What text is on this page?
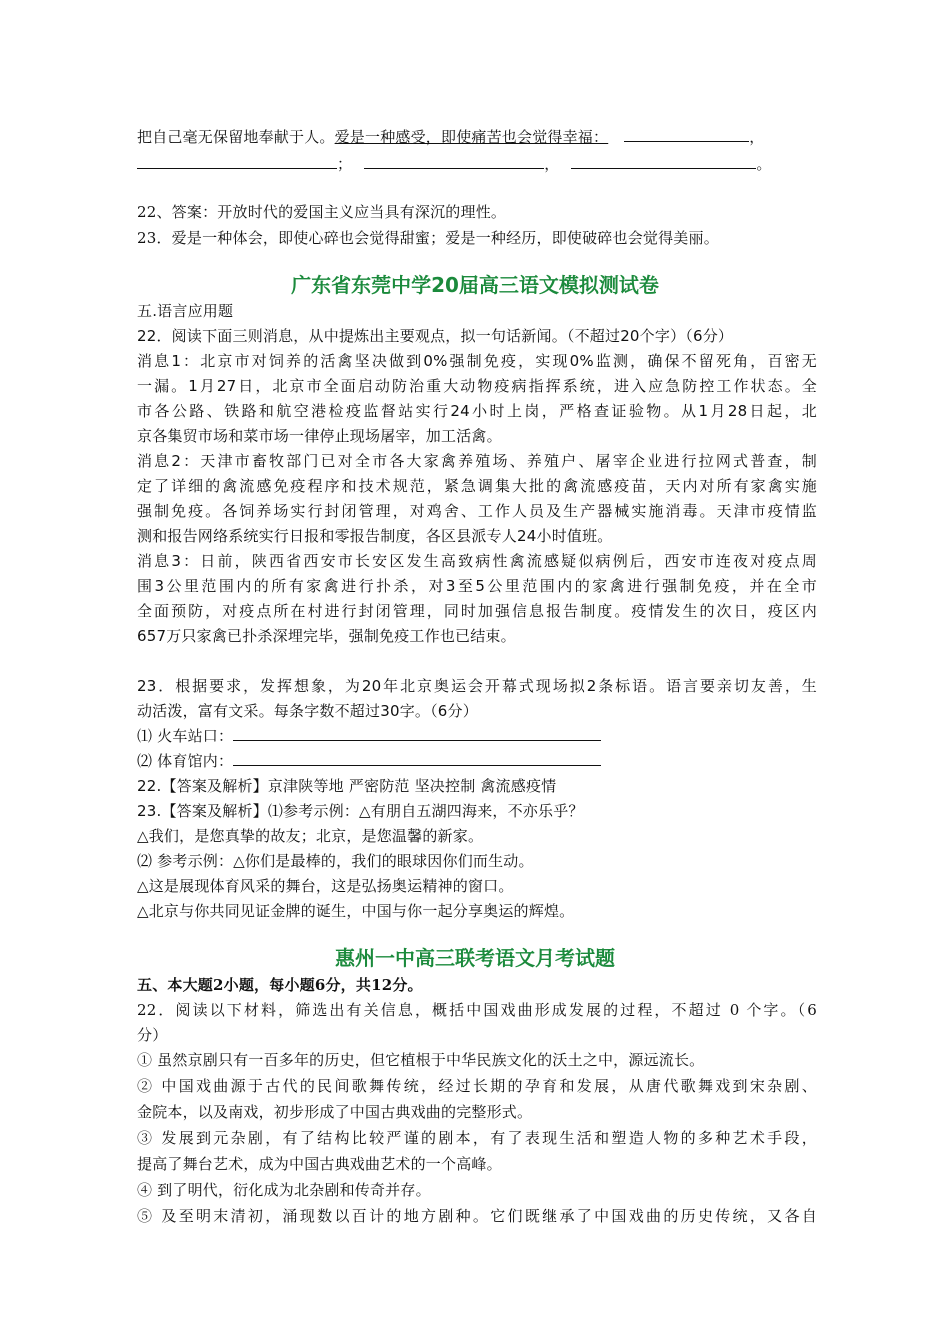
把自己毫无保留地奉献于人。爱是一种感受，即使痛苦也会觉得幸福：	，
；	，	。
22、答案：开放时代的爱国主义应当具有深沉的理性。
23．爱是一种体会，即使心碎也会觉得甜蜜；爱是一种经历，即使破碎也会觉得美丽。
广东省东莞中学20届高三语文模拟测试卷
五.语言应用题
22．阅读下面三则消息，从中提炼出主要观点，拟一句话新闻。（不超过20个字）（6分）
消息1：北京市对饲养的活禽坚决做到0%强制免疫，实现0%监测，确保不留死角，百密无
一漏。1月27日，北京市全面启动防治重大动物疫病指挥系统，进入应急防控工作状态。全
市各公路、铁路和航空港检疫监督站实行24小时上岗，严格查证验物。从1月28日起，北
京各集贸市场和菜市场一律停止现场屠宰，加工活禽。
消息2：天津市畜牧部门已对全市各大家禽养殖场、养殖户、屠宰企业进行拉网式普查，制
定了详细的禽流感免疫程序和技术规范，紧急调集大批的禽流感疫苗，天内对所有家禽实施
强制免疫。各饲养场实行封闭管理，对鸡舍、工作人员及生产器械实施消毒。天津市疫情监
测和报告网络系统实行日报和零报告制度，各区县派专人24小时值班。
消息3：日前，陕西省西安市长安区发生高致病性禽流感疑似病例后，西安市连夜对疫点周
围3公里范围内的所有家禽进行扑杀，对3至5公里范围内的家禽进行强制免疫，并在全市
全面预防，对疫点所在村进行封闭管理，同时加强信息报告制度。疫情发生的次日，疫区内
657万只家禽已扑杀深埋完毕，强制免疫工作也已结束。
23．根据要求，发挥想象，为20年北京奥运会开幕式现场拟2条标语。语言要亲切友善，生
动活泼，富有文采。每条字数不超过30字。（6分）
⑴ 火车站口：
⑵ 体育馆内：
22.【答案及解析】京津陕等地 严密防范 坚决控制 禽流感疫情
23.【答案及解析】⑴参考示例：△有朋自五湖四海来，不亦乐乎？
△我们，是您真挚的故友；北京，是您温馨的新家。
⑵ 参考示例：△你们是最棒的，我们的眼球因你们而生动。
△这是展现体育风采的舞台，这是弘扬奥运精神的窗口。
△北京与你共同见证金牌的诞生，中国与你一起分享奥运的辉煌。
惠州一中高三联考语文月考试题
五、本大题2小题，每小题6分，共12分。
22．阅读以下材料，筛选出有关信息，概括中国戏曲形成发展的过程，不超过 0 个字。（6
分）
① 虽然京剧只有一百多年的历史，但它植根于中华民族文化的沃土之中，源远流长。
② 中国戏曲源于古代的民间歌舞传统，经过长期的孕育和发展，从唐代歌舞戏到宋杂剧、
金院本，以及南戏，初步形成了中国古典戏曲的完整形式。
③ 发展到元杂剧，有了结构比较严谨的剧本，有了表现生活和塑造人物的多种艺术手段，
提高了舞台艺术，成为中国古典戏曲艺术的一个高峰。
④ 到了明代，衍化成为北杂剧和传奇并存。
⑤ 及至明末清初，涌现数以百计的地方剧种。它们既继承了中国戏曲的历史传统，又各自
